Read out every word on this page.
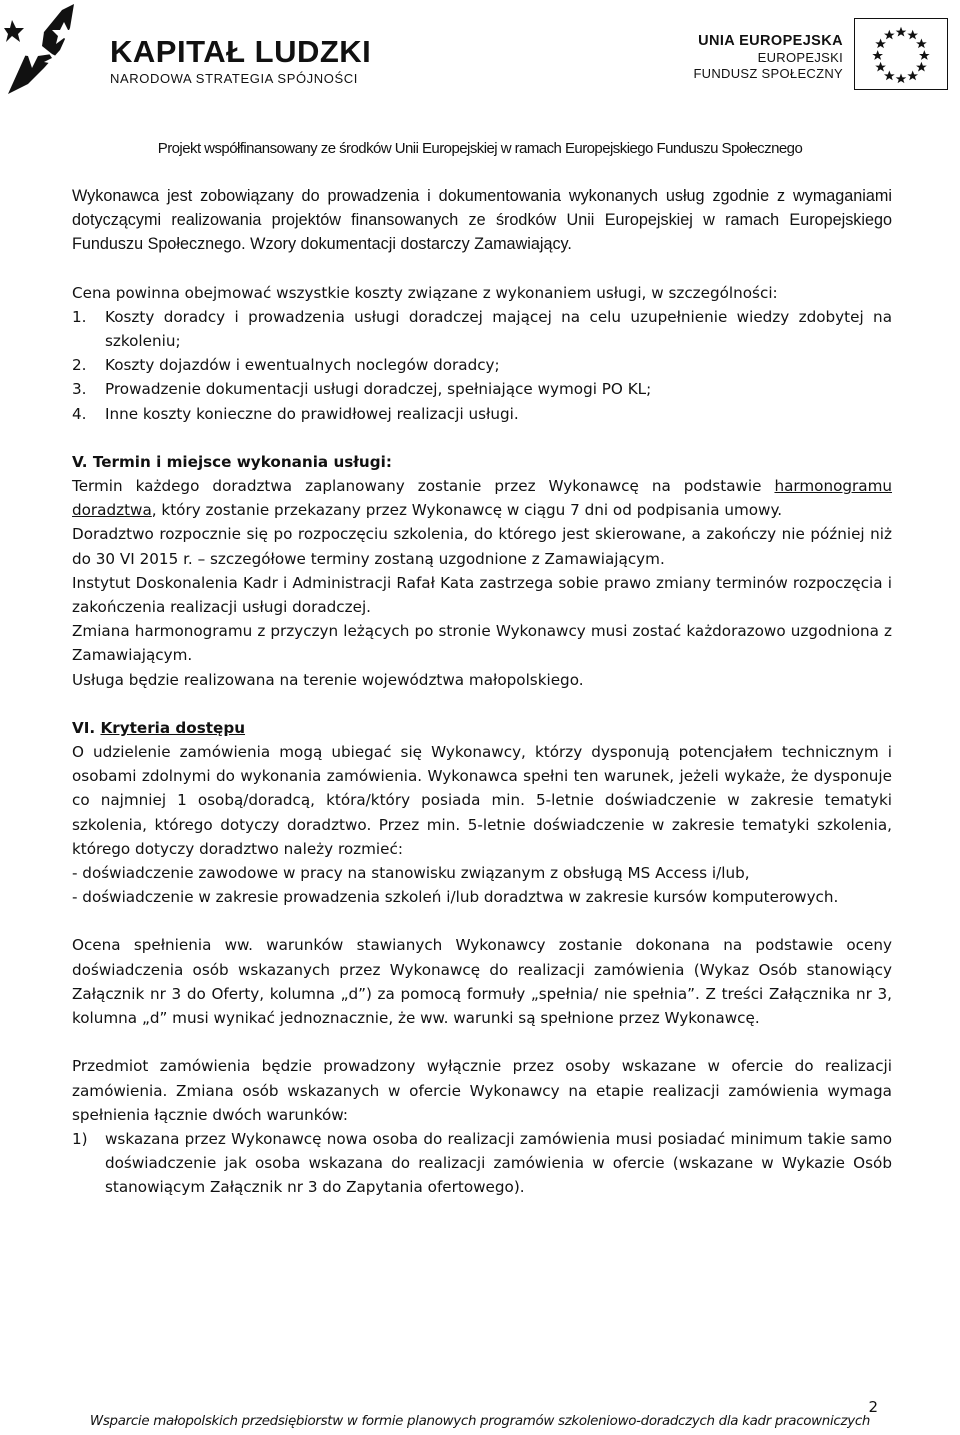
KAPITAŁ LUDZKI
NARODOWA STRATEGIA SPÓJNOŚCI
UNIA EUROPEJSKA
EUROPEJSKI
FUNDUSZ SPOŁECZNY
Projekt współfinansowany ze środków Unii Europejskiej w ramach Europejskiego Funduszu Społecznego

Wykonawca jest zobowiązany do prowadzenia i dokumentowania wykonanych usług zgodnie z wymaganiami dotyczącymi realizowania projektów finansowanych ze środków Unii Europejskiej w ramach Europejskiego Funduszu Społecznego. Wzory dokumentacji dostarczy Zamawiający.

Cena powinna obejmować wszystkie koszty związane z wykonaniem usługi, w szczególności:

1.	Koszty doradcy i prowadzenia usługi doradczej mającej na celu uzupełnienie wiedzy zdobytej na szkoleniu;
2.	Koszty dojazdów i ewentualnych noclegów doradcy;
3.	Prowadzenie dokumentacji usługi doradczej, spełniające wymogi PO KL;
4.	Inne koszty konieczne do prawidłowej realizacji usługi.

V. Termin i miejsce wykonania usługi:

Termin każdego doradztwa zaplanowany zostanie przez Wykonawcę na podstawie harmonogramu doradztwa, który zostanie przekazany przez Wykonawcę w ciągu 7 dni od podpisania umowy.

Doradztwo rozpocznie się po rozpoczęciu szkolenia, do którego jest skierowane, a zakończy nie później niż do 30 VI 2015 r. – szczegółowe terminy zostaną uzgodnione z Zamawiającym.

Instytut Doskonalenia Kadr i Administracji Rafał Kata zastrzega sobie prawo zmiany terminów rozpoczęcia i zakończenia realizacji usługi doradczej.

Zmiana harmonogramu z przyczyn leżących po stronie Wykonawcy musi zostać każdorazowo uzgodniona z Zamawiającym.

Usługa będzie realizowana na terenie województwa małopolskiego.

VI. Kryteria dostępu

O udzielenie zamówienia mogą ubiegać się Wykonawcy, którzy dysponują potencjałem technicznym i osobami zdolnymi do wykonania zamówienia. Wykonawca spełni ten warunek, jeżeli wykaże, że dysponuje co najmniej 1 osobą/doradcą, która/który posiada min. 5-letnie doświadczenie w zakresie tematyki szkolenia, którego dotyczy doradztwo. Przez min. 5-letnie doświadczenie w zakresie tematyki szkolenia, którego dotyczy doradztwo należy rozmieć:

- doświadczenie zawodowe w pracy na stanowisku związanym z obsługą MS Access i/lub,

- doświadczenie w zakresie prowadzenia szkoleń i/lub doradztwa w zakresie kursów komputerowych.

Ocena spełnienia ww. warunków stawianych Wykonawcy zostanie dokonana na podstawie oceny doświadczenia osób wskazanych przez Wykonawcę do realizacji zamówienia (Wykaz Osób stanowiący Załącznik nr 3 do Oferty, kolumna „d”) za pomocą formuły „spełnia/ nie spełnia”. Z treści Załącznika nr 3, kolumna „d” musi wynikać jednoznacznie, że ww. warunki są spełnione przez Wykonawcę.

Przedmiot zamówienia będzie prowadzony wyłącznie przez osoby wskazane w ofercie do realizacji zamówienia. Zmiana osób wskazanych w ofercie Wykonawcy na etapie realizacji zamówienia wymaga spełnienia łącznie dwóch warunków:

1)	wskazana przez Wykonawcę nowa osoba do realizacji zamówienia musi posiadać minimum takie samo doświadczenie jak osoba wskazana do realizacji zamówienia w ofercie (wskazane w Wykazie Osób stanowiącym Załącznik nr 3 do Zapytania ofertowego).
2
Wsparcie małopolskich przedsiębiorstw w formie planowych programów szkoleniowo-doradczych dla kadr pracowniczych
